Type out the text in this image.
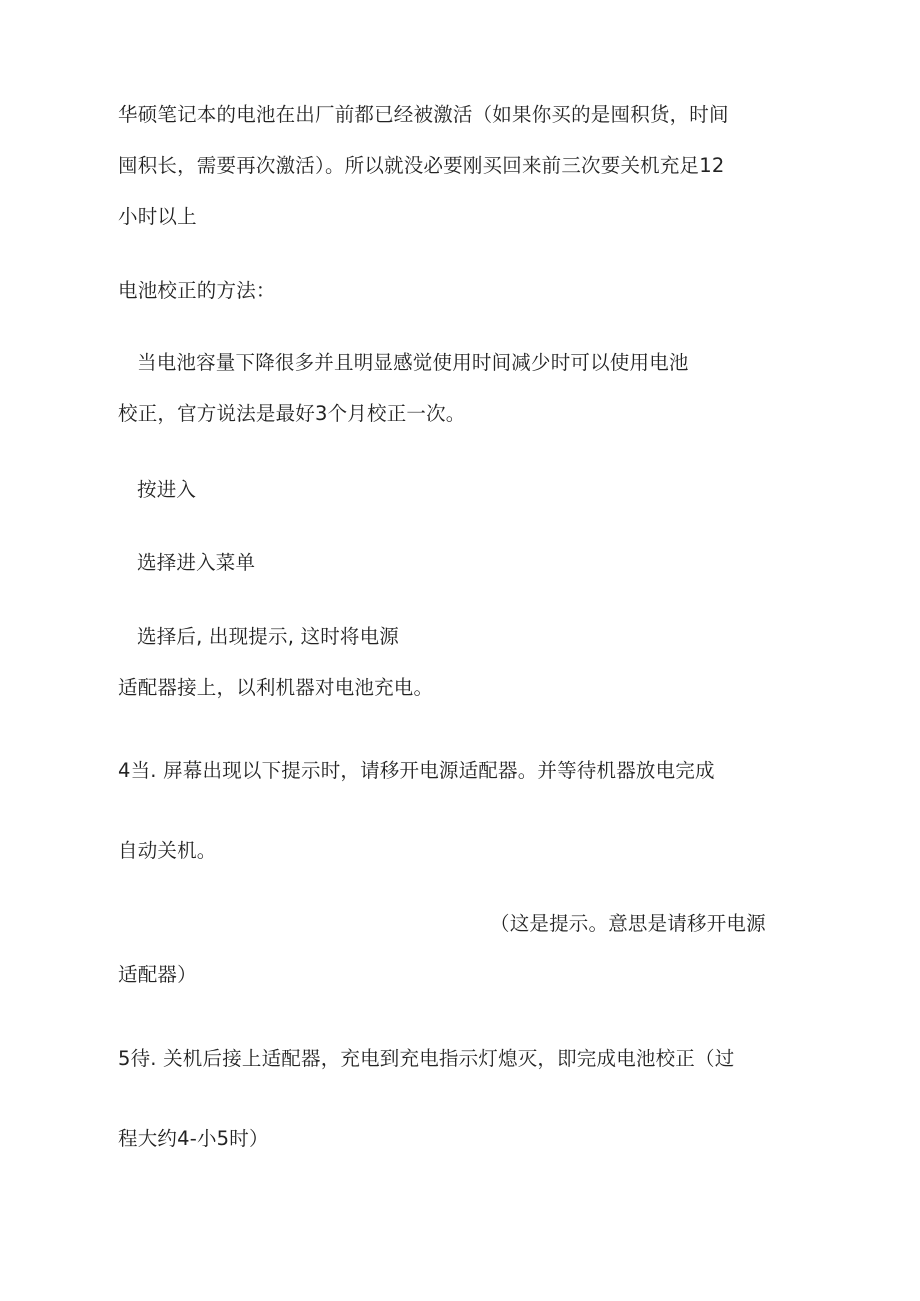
华硕笔记本的电池在出厂前都已经被激活（如果你买的是囤积货，时间
囤积长，需要再次激活）。所以就没必要刚买回来前三次要关机充足12
小时以上
电池校正的方法：
当电池容量下降很多并且明显感觉使用时间减少时可以使用电池
校正，官方说法是最好3个月校正一次。
按进入
选择进入菜单
选择后, 出现提示, 这时将电源
适配器接上，以利机器对电池充电。
4当. 屏幕出现以下提示时，请移开电源适配器。并等待机器放电完成
自动关机。
（这是提示。意思是请移开电源
适配器）
5待. 关机后接上适配器，充电到充电指示灯熄灭，即完成电池校正（过
程大约4-小5时）
